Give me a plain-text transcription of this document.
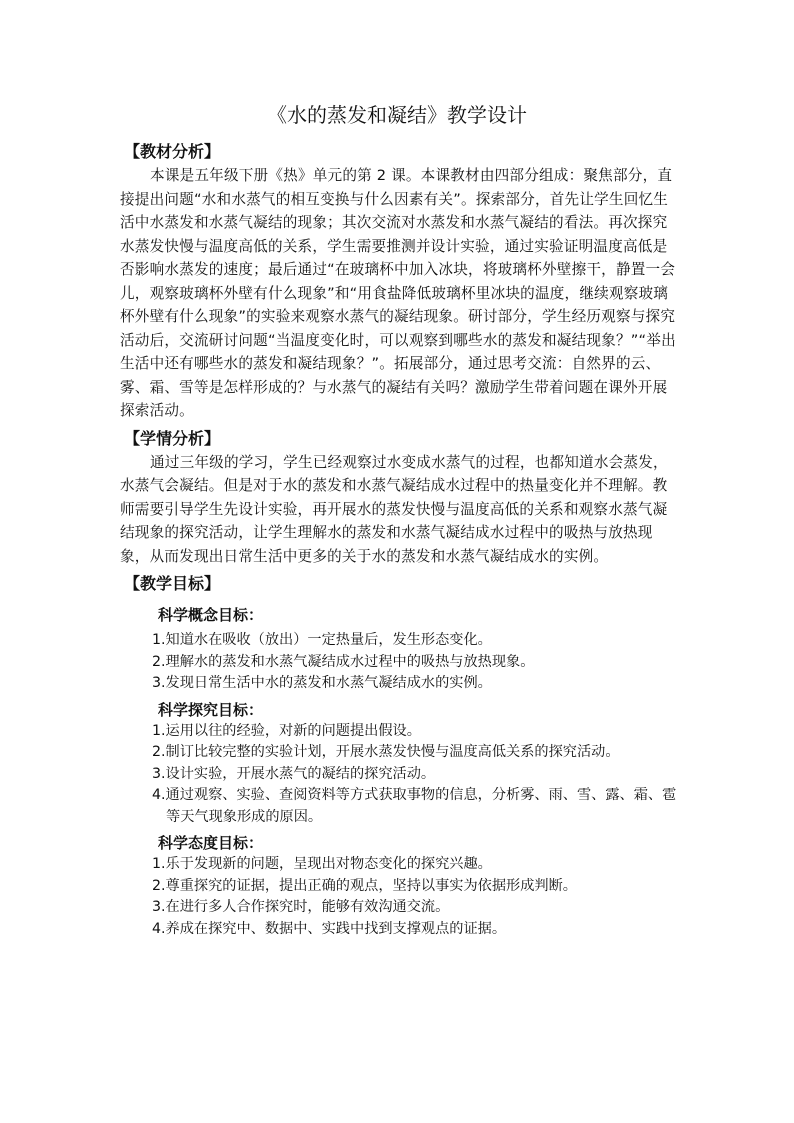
《水的蒸发和凝结》教学设计
【教材分析】

本课是五年级下册《热》单元的第 2 课。本课教材由四部分组成：聚焦部分，直接提出问题“水和水蒸气的相互变换与什么因素有关”。探索部分，首先让学生回忆生活中水蒸发和水蒸气凝结的现象；其次交流对水蒸发和水蒸气凝结的看法。再次探究水蒸发快慢与温度高低的关系，学生需要推测并设计实验，通过实验证明温度高低是否影响水蒸发的速度；最后通过“在玻璃杯中加入冰块，将玻璃杯外壁擦干，静置一会儿，观察玻璃杯外壁有什么现象”和“用食盐降低玻璃杯里冰块的温度，继续观察玻璃杯外壁有什么现象”的实验来观察水蒸气的凝结现象。研讨部分，学生经历观察与探究活动后，交流研讨问题“当温度变化时，可以观察到哪些水的蒸发和凝结现象？”“举出生活中还有哪些水的蒸发和凝结现象？”。拓展部分，通过思考交流：自然界的云、雾、霜、雪等是怎样形成的？与水蒸气的凝结有关吗？激励学生带着问题在课外开展探索活动。

【学情分析】

通过三年级的学习，学生已经观察过水变成水蒸气的过程，也都知道水会蒸发，水蒸气会凝结。但是对于水的蒸发和水蒸气凝结成水过程中的热量变化并不理解。教师需要引导学生先设计实验，再开展水的蒸发快慢与温度高低的关系和观察水蒸气凝结现象的探究活动，让学生理解水的蒸发和水蒸气凝结成水过程中的吸热与放热现象，从而发现出日常生活中更多的关于水的蒸发和水蒸气凝结成水的实例。

【教学目标】
科学概念目标：
1.知道水在吸收（放出）一定热量后，发生形态变化。
2.理解水的蒸发和水蒸气凝结成水过程中的吸热与放热现象。
3.发现日常生活中水的蒸发和水蒸气凝结成水的实例。
科学探究目标：
1.运用以往的经验，对新的问题提出假设。
2.制订比较完整的实验计划，开展水蒸发快慢与温度高低关系的探究活动。
3.设计实验，开展水蒸气的凝结的探究活动。
4.通过观察、实验、查阅资料等方式获取事物的信息，分析雾、雨、雪、露、霜、雹等天气现象形成的原因。
科学态度目标：
1.乐于发现新的问题，呈现出对物态变化的探究兴趣。
2.尊重探究的证据，提出正确的观点，坚持以事实为依据形成判断。
3.在进行多人合作探究时，能够有效沟通交流。
4.养成在探究中、数据中、实践中找到支撑观点的证据。
